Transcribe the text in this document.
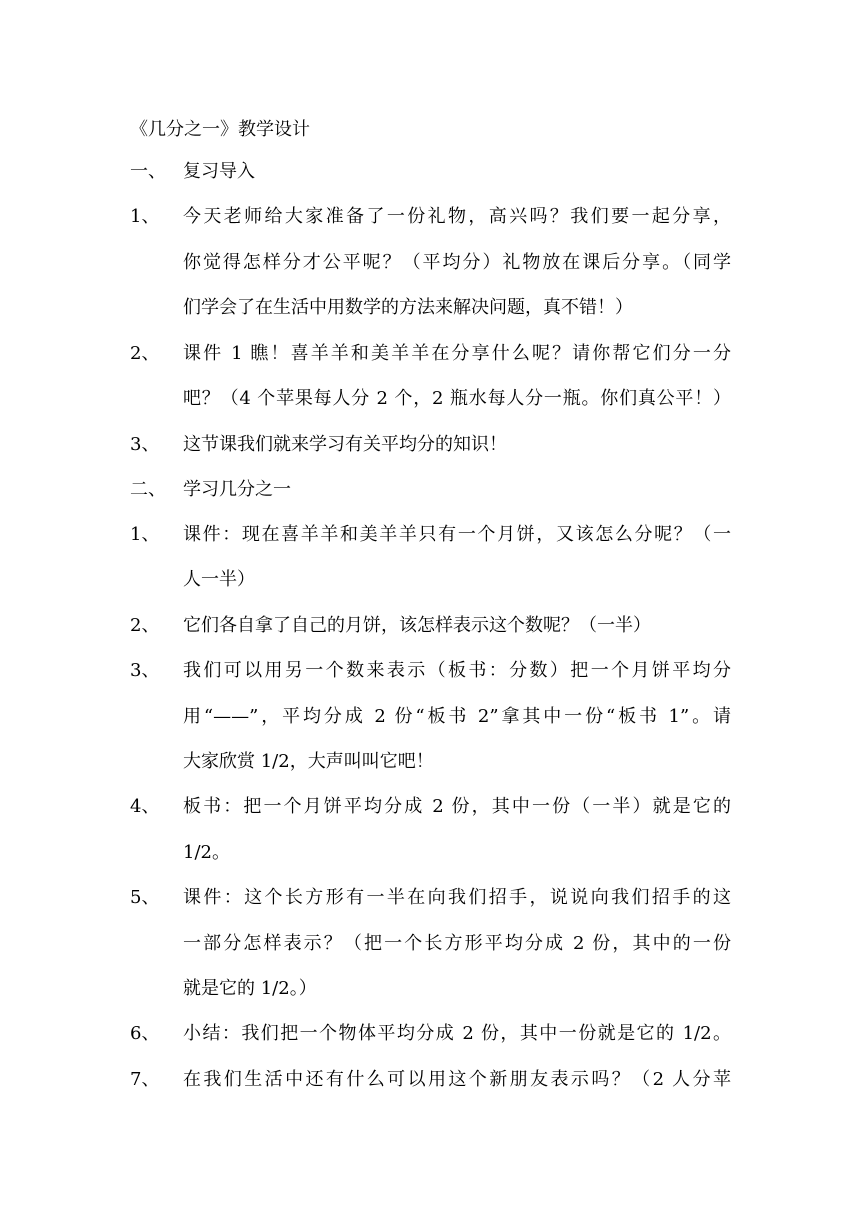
《几分之一》教学设计
一、 复习导入
1、 今天老师给大家准备了一份礼物，高兴吗？我们要一起分享，
你觉得怎样分才公平呢？（平均分）礼物放在课后分享。（同学
们学会了在生活中用数学的方法来解决问题，真不错！）
2、 课件 1 瞧！喜羊羊和美羊羊在分享什么呢？请你帮它们分一分
吧？（4 个苹果每人分 2 个，2 瓶水每人分一瓶。你们真公平！）
3、 这节课我们就来学习有关平均分的知识！
二、 学习几分之一
1、 课件：现在喜羊羊和美羊羊只有一个月饼，又该怎么分呢？（一
人一半）
2、 它们各自拿了自己的月饼，该怎样表示这个数呢？（一半）
3、 我们可以用另一个数来表示（板书：分数）把一个月饼平均分
用“——”，平均分成 2 份“板书 2”拿其中一份“板书 1”。请
大家欣赏 1/2，大声叫叫它吧！
4、 板书：把一个月饼平均分成 2 份，其中一份（一半）就是它的
1/2。
5、 课件：这个长方形有一半在向我们招手，说说向我们招手的这
一部分怎样表示？（把一个长方形平均分成 2 份，其中的一份
就是它的 1/2。）
6、 小结：我们把一个物体平均分成 2 份，其中一份就是它的 1/2。
7、 在我们生活中还有什么可以用这个新朋友表示吗？（2 人分苹
